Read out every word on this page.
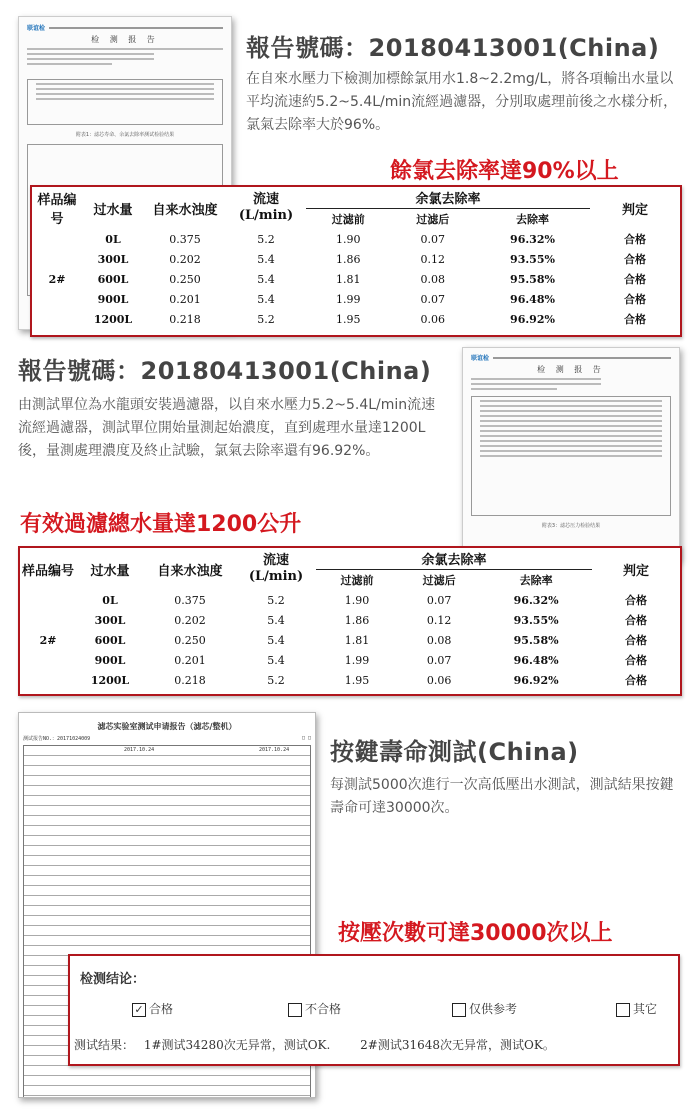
联谊检
检 测 报 告
附表1：滤芯寿命、余氯去除率测试检验结果
報告號碼：20180413001(China)
在自來水壓力下檢測加標餘氯用水1.8~2.2mg/L，將各項輸出水量以平均流速約5.2~5.4L/min流經過濾器，分別取處理前後之水樣分析，氯氣去除率大於96%。
餘氯去除率達90%以上
样品编号	过水量	自来水浊度	流速
(L/min)	余氯去除率			判定
				过滤前	过滤后	去除率	
2#	0L	0.375	5.2	1.90	0.07	96.32%	合格
	300L	0.202	5.4	1.86	0.12	93.55%	合格
	600L	0.250	5.4	1.81	0.08	95.58%	合格
	900L	0.201	5.4	1.99	0.07	96.48%	合格
	1200L	0.218	5.2	1.95	0.06	96.92%	合格
報告號碼：20180413001(China)
由測試單位為水龍頭安裝過濾器，以自來水壓力5.2~5.4L/min流速流經過濾器，測試單位開始量測起始濃度，直到處理水量達1200L後，量測處理濃度及終止試驗，氯氣去除率還有96.92%。
有效過濾總水量達1200公升
联谊检
检 测 报 告
附表3：滤芯压力检验结果
样品编号	过水量	自来水浊度	流速
(L/min)	余氯去除率			判定
				过滤前	过滤后	去除率	
2#	0L	0.375	5.2	1.90	0.07	96.32%	合格
	300L	0.202	5.4	1.86	0.12	93.55%	合格
	600L	0.250	5.4	1.81	0.08	95.58%	合格
	900L	0.201	5.4	1.99	0.07	96.48%	合格
	1200L	0.218	5.2	1.95	0.06	96.92%	合格
滤芯实验室测试申请报告（滤芯/整机）
测试报告NO.：20171024009	□ □
2017.10.24	2017.10.24 按鍵壽命測試(China)
每測試5000次進行一次高低壓出水測試，測試結果按鍵壽命可達30000次。
按壓次數可達30000次以上
检测结论：
✓ 合格	不合格	仅供参考	其它
测试结果： 1#测试34280次无异常，测试OK. 2#测试31648次无异常，测试OK。
